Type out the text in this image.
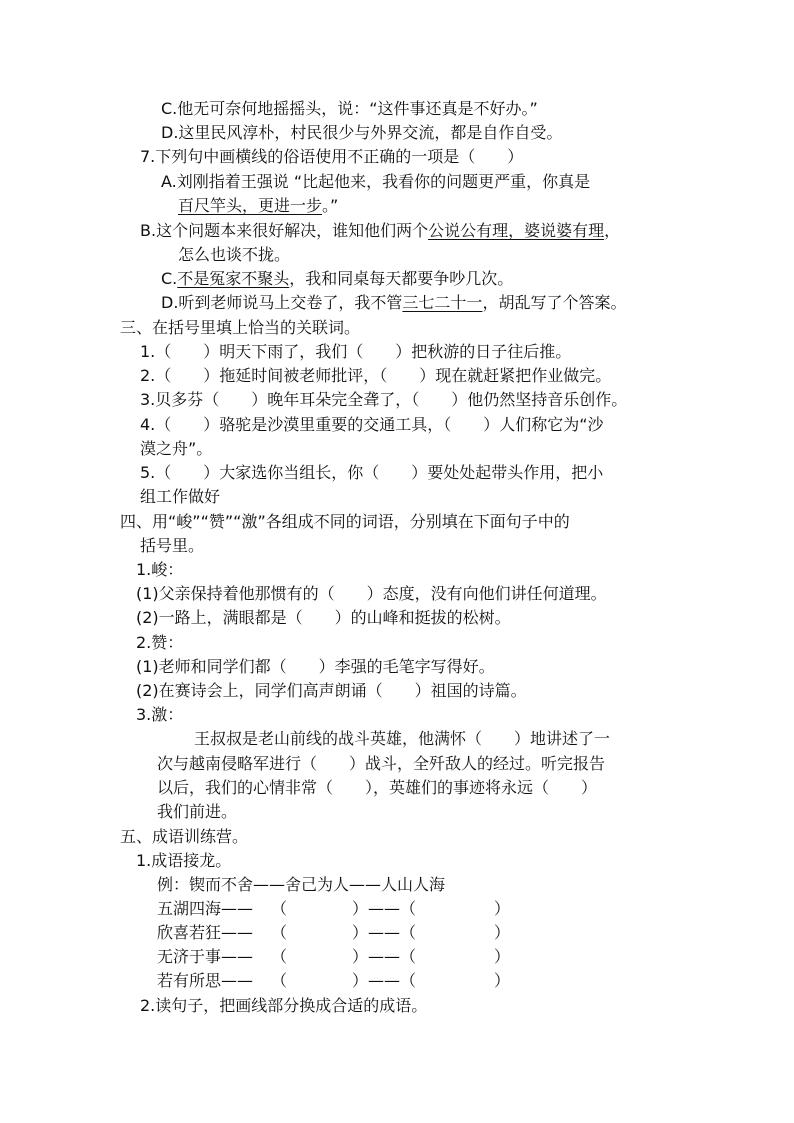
C.他无可奈何地摇摇头，说：“这件事还真是不好办。”
D.这里民风淳朴，村民很少与外界交流，都是自作自受。
7.下列句中画横线的俗语使用不正确的一项是（　　）
A.刘刚指着王强说 “比起他来，我看你的问题更严重，你真是
百尺竿头，更进一步。”
B.这个问题本来很好解决，谁知他们两个公说公有理，婆说婆有理，
怎么也谈不拢。
C.不是冤家不聚头，我和同桌每天都要争吵几次。
D.听到老师说马上交卷了，我不管三七二十一，胡乱写了个答案。
三、在括号里填上恰当的关联词。
1.（　　）明天下雨了，我们（　　）把秋游的日子往后推。
2.（　　）拖延时间被老师批评，（　　）现在就赶紧把作业做完。
3.贝多芬（　　）晚年耳朵完全聋了，（　　）他仍然坚持音乐创作。
4.（　　）骆驼是沙漠里重要的交通工具，（　　）人们称它为“沙
漠之舟”。
5.（　　）大家选你当组长，你（　　）要处处起带头作用，把小
组工作做好
四、用“峻”“赞”“激”各组成不同的词语，分别填在下面句子中的
括号里。
1.峻：
(1)父亲保持着他那惯有的（　　）态度，没有向他们讲任何道理。
(2)一路上，满眼都是（　　）的山峰和挺拔的松树。
2.赞：
(1)老师和同学们都（　　）李强的毛笔字写得好。
(2)在赛诗会上，同学们高声朗诵（　　）祖国的诗篇。
3.激：
王叔叔是老山前线的战斗英雄，他满怀（　　）地讲述了一
次与越南侵略军进行（　　）战斗，全歼敌人的经过。听完报告
以后，我们的心情非常（　　），英雄们的事迹将永远（　　）
我们前进。
五、成语训练营。
1.成语接龙。
例：锲而不舍——舍己为人——人山人海
五湖四海—— （	）——（	）
欣喜若狂—— （	）——（	）
无济于事—— （	）——（	）
若有所思—— （	）——（	）
2.读句子，把画线部分换成合适的成语。
